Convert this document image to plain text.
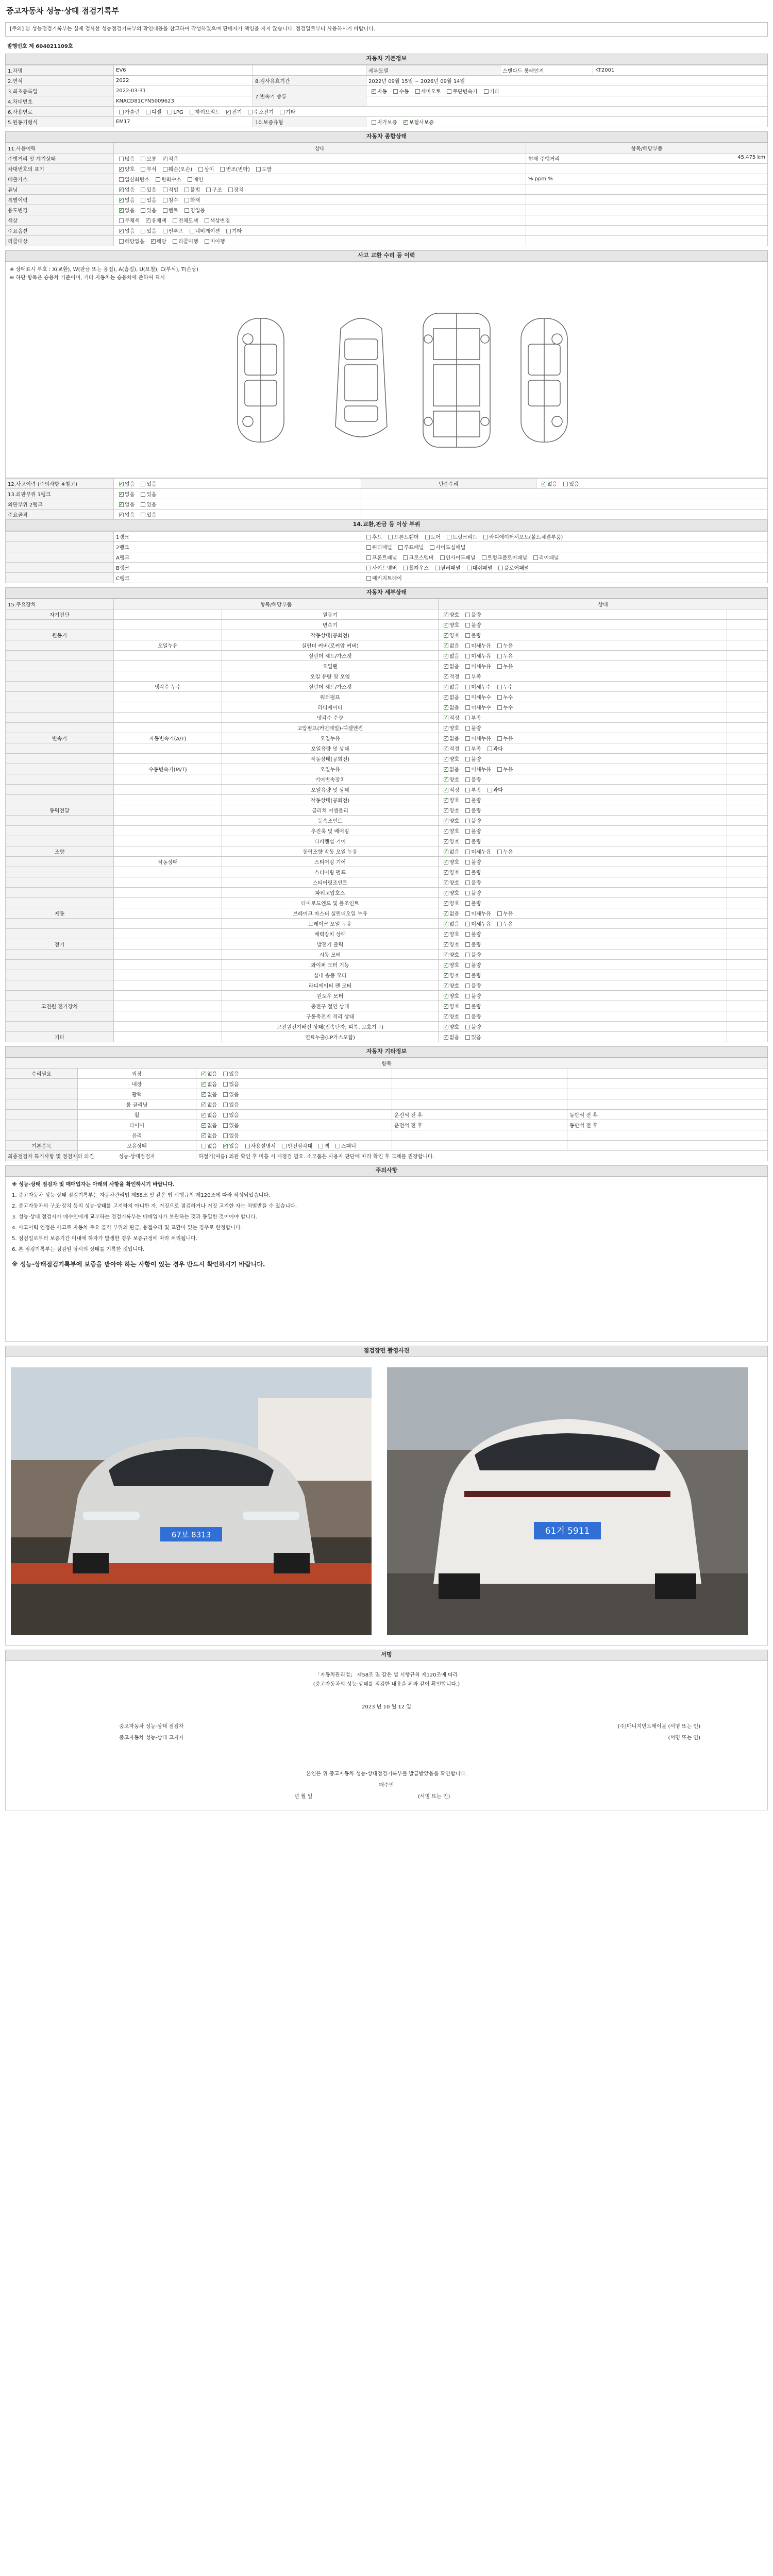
중고자동차 성능·상태 점검기록부
[주의] 본 성능점검기록부는 실제 검사한 성능점검기록부의 확인내용을 참고하여 작성하였으며 판매자가 책임을 지지 않습니다. 점검일로부터 사용하시기 바랍니다.
발행번호 제 604021109호
자동차 기본정보
1.차명	EV6		세부모델	스탠다드 롱레인지	KT2001
2.연식	2022	8.검사유효기간	2022년 09월 15일 ~ 2026년 09월 14일		
3.최초등록일	2022-03-31	7.변속기 종류	✓자동 수동 세미오토 무단변속기 기타
4.차대번호	KNACD81CFN5009623				
6.사용연료	가솔린 디젤 LPG 하이브리드 ✓ 전기 수소전기 기타
5.원동기형식	EM17	10.보증유형	자가보증 ✓ 보험사보증
자동차 종합상태
11.사용이력	상태	항목/해당부품
주행거리 및 계기상태	많음 보통 ✓ 적음	현재 주행거리 45,475 km

차대번호의 표기	✓양호 부식 훼손(오손) 상이 변조(변타) 도말	
배출가스	일산화탄소 탄화수소 매연	% ppm %
튜닝	✓없음 있음 적법 불법 구조 장치	
특별이력	✓없음 있음 침수 화재	
용도변경	✓없음 있음 렌트 영업용	
색상	무채색 ✓ 유채색 전체도색 색상변경	
주요옵션	✓없음 있음 썬루프 네비게이션 기타	
리콜대상	해당없음 ✓ 해당 리콜이행 미이행	
사고 교환 수리 등 이력
※ 상태표시 부호 : X(교환), W(판금 또는 용접), A(흠집), U(요철), C(부식), T(손상)
※ 하단 항목은 승용차 기준이며, 기타 자동차는 승용차에 준하여 표시
12.사고이력 (주의사항 ※참고)	✓없음 있음	단순수리	✓없음 있음
13.외판부위 1랭크	✓없음 있음	
외판부위 2랭크	✓없음 있음	
주요골격	✓없음 있음	
14.교환,판금 등 이상 부위
	1랭크	후드 프론트휀더 도어 트렁크리드 라디에이터서포트(볼트체결부품)
	2랭크	쿼터패널 루프패널 사이드실패널
	A랭크	프론트패널 크로스멤버 인사이드패널 트렁크플로어패널 리어패널
	B랭크	사이드멤버 휠하우스 필러패널 대쉬패널 플로어패널
	C랭크	패키지트레이
자동차 세부상태
15.주요장치	항목/해당부품		상태	
자기진단		원동기	✓양호 불량	
		변속기	✓양호 불량	
원동기		작동상태(공회전)	✓양호 불량	
	오일누유	실린더 커버(로커암 커버)	✓없음 미세누유 누유	
		실린더 헤드/가스켓	✓없음 미세누유 누유	
		오일팬	✓없음 미세누유 누유	
		오일 유량 및 오염	✓적정 부족	
	냉각수 누수	실린더 헤드/가스켓	✓없음 미세누수 누수	
		워터펌프	✓없음 미세누수 누수	
		라디에이터	✓없음 미세누수 누수	
		냉각수 수량	✓적정 부족	
		고압펌프(커먼레일)-디젤엔진	✓양호 불량	
변속기	자동변속기(A/T)	오일누유	✓없음 미세누유 누유	
		오일유량 및 상태	✓적정 부족 과다	
		작동상태(공회전)	✓양호 불량	
	수동변속기(M/T)	오일누유	✓없음 미세누유 누유	
		기어변속장치	✓양호 불량	
		오일유량 및 상태	✓적정 부족 과다	
		작동상태(공회전)	✓양호 불량	
동력전달		클러치 어셈블리	✓양호 불량	
		등속조인트	✓양호 불량	
		추진축 및 베어링	✓양호 불량	
		디퍼렌셜 기어	✓양호 불량	
조향		동력조향 작동 오일 누유	✓없음 미세누유 누유	
	작동상태	스티어링 기어	✓양호 불량	
		스티어링 펌프	✓양호 불량	
		스티어링조인트	✓양호 불량	
		파워고압호스	✓양호 불량	
		타이로드엔드 및 볼조인트	✓양호 불량	
제동		브레이크 마스터 실린더오일 누유	✓없음 미세누유 누유	
		브레이크 오일 누유	✓없음 미세누유 누유	
		배력장치 상태	✓양호 불량	
전기		발전기 출력	✓양호 불량	
		시동 모터	✓양호 불량	
		와이퍼 모터 기능	✓양호 불량	
		실내 송풍 모터	✓양호 불량	
		라디에이터 팬 모터	✓양호 불량	
		윈도우 모터	✓양호 불량	
고전원 전기장치		충전구 절연 상태	✓양호 불량	
		구동축전지 격리 상태	✓양호 불량	
		고전원전기배선 상태(접속단자, 피복, 보호기구)	✓양호 불량	
기타		연료누출(LP가스포함)	✓없음 있음	
자동차 기타정보
항목				
수리필요	외장	✓없음 있음		
	내장	✓없음 있음		
	광택	✓없음 있음		
	룸 클리닝	✓없음 있음		
	휠	✓없음 있음	운전석 전 후	동반석 전 후
	타이어	✓없음 있음	운전석 전 후	동반석 전 후
	유리	✓없음 있음		
기본품목	보유상태	없음 ✓ 있음 사용설명서 안전삼각대 잭 스패너		
최종점검자 특기사항 및 점검자의 의견	성능·상태점검자	하절기(여름) 외관 확인 후 미흡 시 재점검 필요. 소모품은 사용자 판단에 따라 확인 후 교체를 권장합니다.		
주의사항
※ 성능·상태 점검자 및 매매업자는 아래의 사항을 확인하시기 바랍니다.
1. 중고자동차 성능·상태 점검기록부는 자동차관리법 제58조 및 같은 법 시행규칙 제120조에 따라 작성되었습니다.
2. 중고자동차의 구조·장치 등의 성능·상태를 고지하지 아니한 자, 거짓으로 점검하거나 거짓 고지한 자는 처벌받을 수 있습니다.
3. 성능·상태 점검자가 매수인에게 교부하는 점검기록부는 매매업자가 보관하는 것과 동일한 것이어야 합니다.
4. 사고이력 인정은 사고로 자동차 주요 골격 부위의 판금, 용접수리 및 교환이 있는 경우로 한정합니다.
5. 점검일로부터 보증기간 이내에 하자가 발생한 경우 보증규정에 따라 처리됩니다.
6. 본 점검기록부는 점검일 당시의 상태를 기록한 것입니다.
※ 성능·상태점검기록부에 보증을 받아야 하는 사항이 있는 경우 반드시 확인하시기 바랍니다.
점검장면 촬영사진
67보 8313	61거 5911
서명
「자동차관리법」 제58조 및 같은 법 시행규칙 제120조에 따라
(중고자동차의 성능·상태를 점검한 내용을 위와 같이 확인합니다.)
2023 년 10 월 12 일
중고자동차 성능·상태 점검자	(주)매니지먼트에이블 (서명 또는 인)
중고자동차 성능·상태 고지자	(서명 또는 인)
본인은 위 중고자동차 성능·상태점검기록부를 발급받았음을 확인합니다.
매수인
년 월 일	(서명 또는 인)
